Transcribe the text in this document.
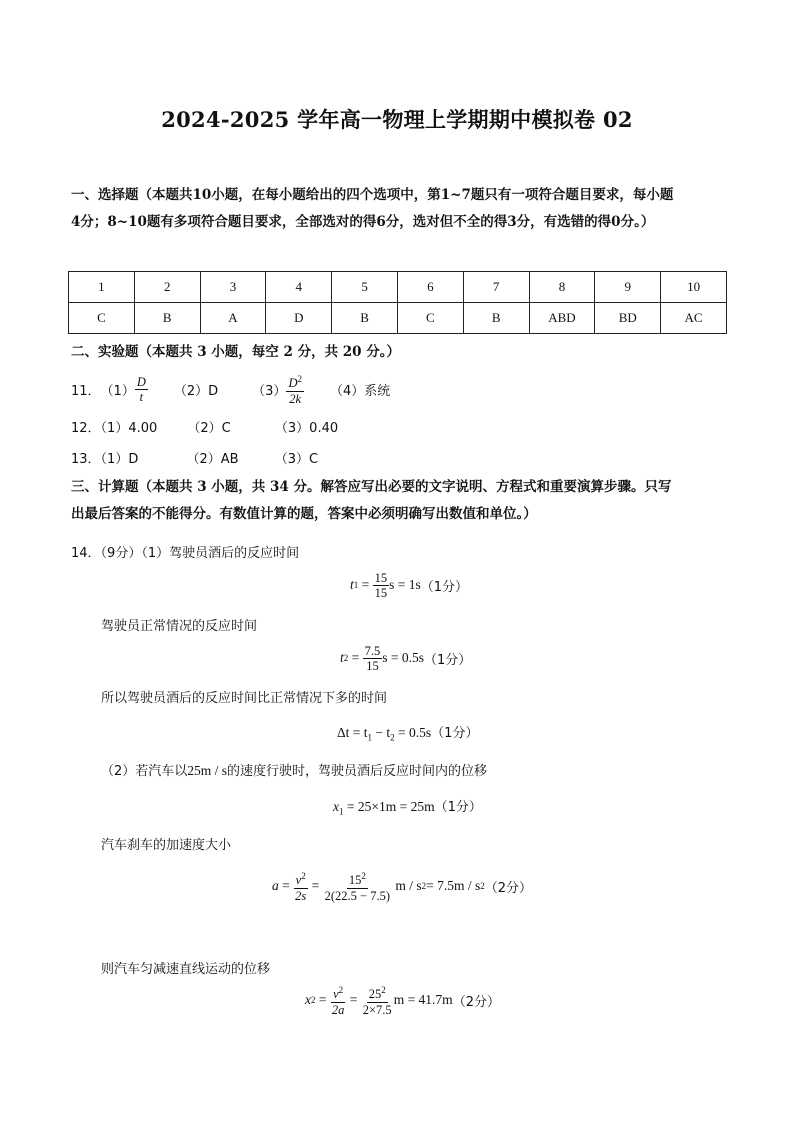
2024-2025 学年高一物理上学期期中模拟卷 02
一、选择题（本题共10小题，在每小题给出的四个选项中，第1~7题只有一项符合题目要求，每小题
4分；8~10题有多项符合题目要求，全部选对的得6分，选对但不全的得3分，有选错的得0分。）
1	2	3	4	5	6	7	8	9	10
C	B	A	D	B	C	B	ABD	BD	AC
二、实验题（本题共 3 小题，每空 2 分，共 20 分。）
11． $(1) \frac{D}{t} (2)D$	$(3) \frac{D^2}{2k} (4)$系统
12．（1）4.00 （2）C	（3）0.40
13．（1）D	（2）AB	（3）C
三、计算题（本题共 3 小题，共 34 分。解答应写出必要的文字说明、方程式和重要演算步骤。只写
出最后答案的不能得分。有数值计算的题，答案中必须明确写出数值和单位。）
14．（9分）（1）驾驶员酒后的反应时间
t $1 = \frac{15}{15}$ s = 1s （1分）
驾驶员正常情况的反应时间
t $2 = \frac{7.5}{15}$ s = 0.5s （1分）
所以驾驶员酒后的反应时间比正常情况下多的时间
$\Delta t = t_1 - t_2 = 0.5s(1$分）
（2）若汽车以25m / s的速度行驶时，驾驶员酒后反应时间内的位移
$x_1 = 25\times 1m = 25m(1$分）
汽车刹车的加速度大小
$a = \frac{v^2}{2s} = \frac{15^2}{2(22.5 - 7.5)}$
m / s 2 = 7.5m / s 2 （2分）
则汽车匀减速直线运动的位移
x $2 = \frac{v^2}{2a} = \frac{25^2}{2\times 7.5}$ m = 41.7m （2分）
